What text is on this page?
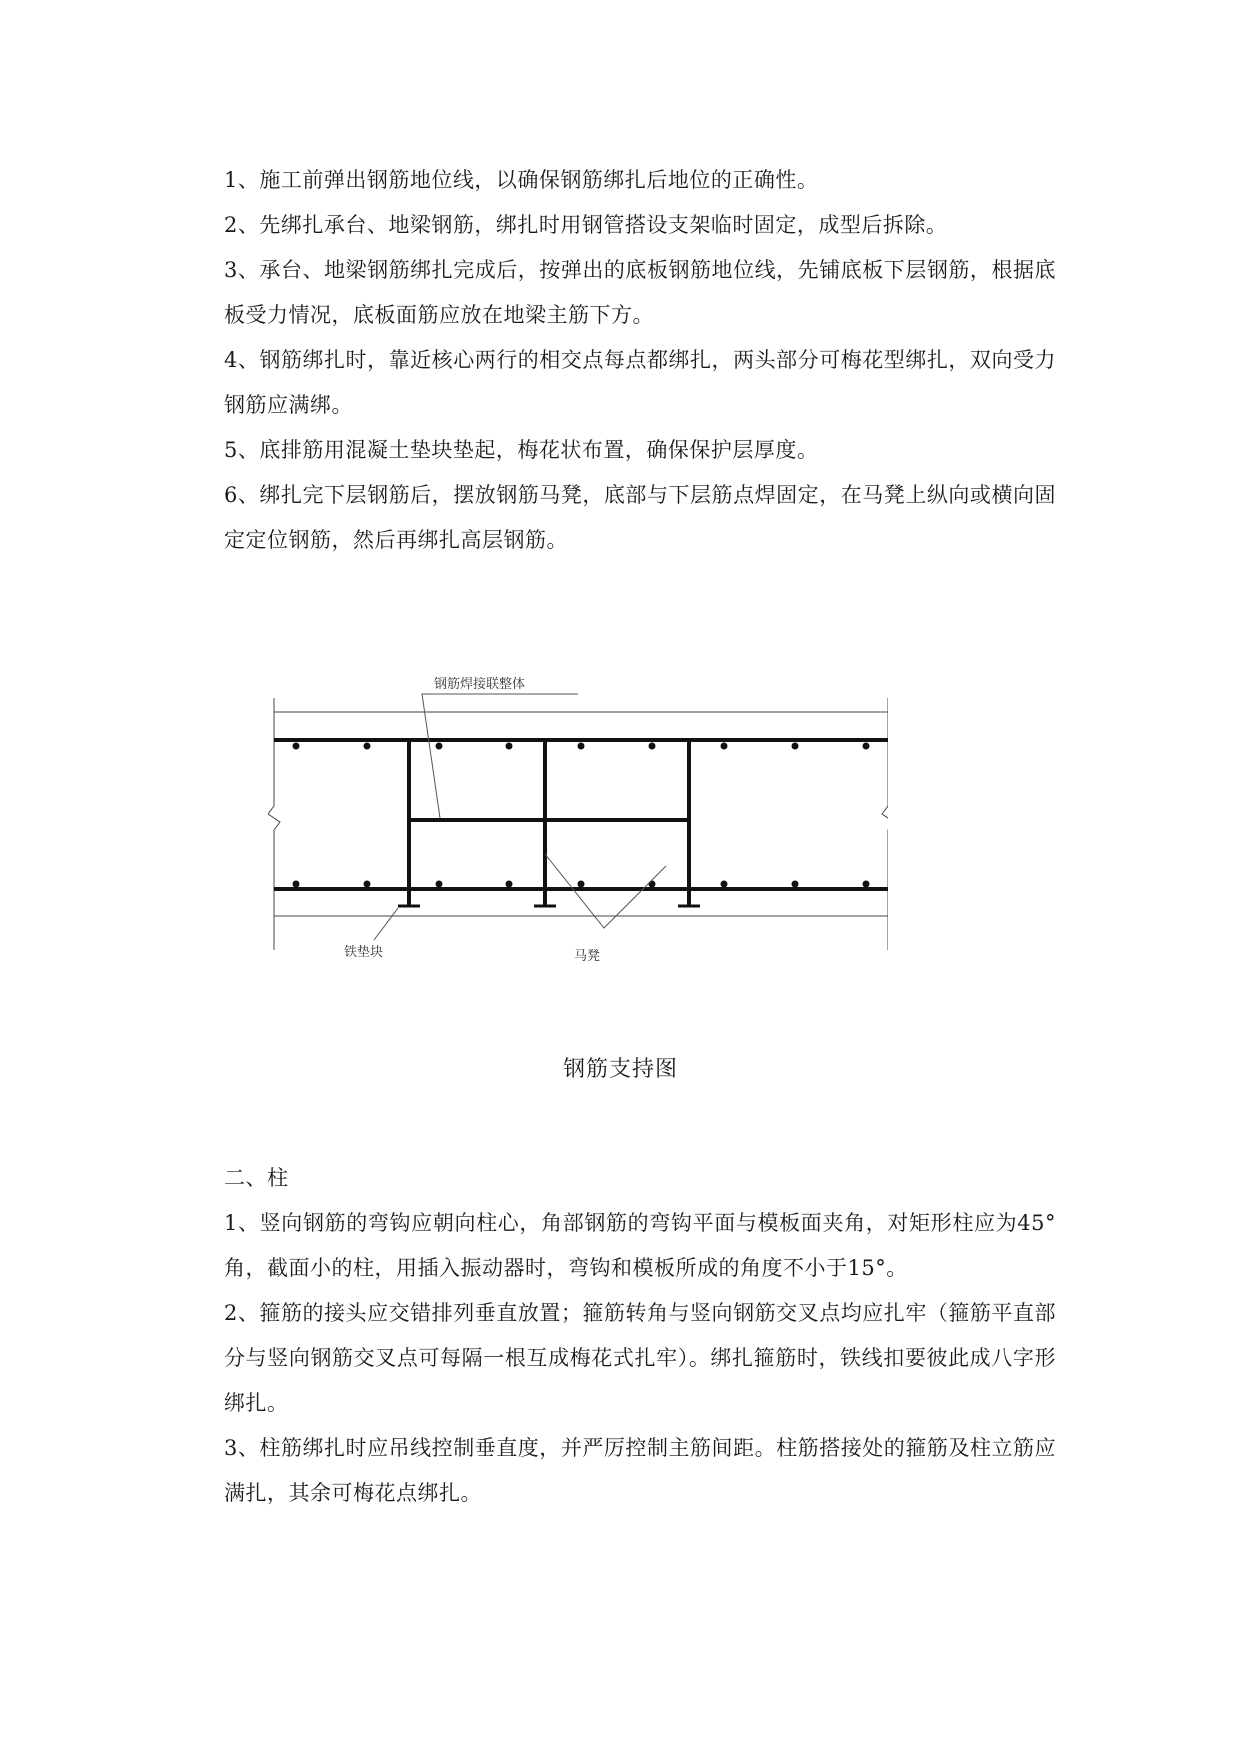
1、施工前弹出钢筋地位线，以确保钢筋绑扎后地位的正确性。
2、先绑扎承台、地梁钢筋，绑扎时用钢管搭设支架临时固定，成型后拆除。
3、承台、地梁钢筋绑扎完成后，按弹出的底板钢筋地位线，先铺底板下层钢筋，根据底板受力情况，底板面筋应放在地梁主筋下方。
4、钢筋绑扎时，靠近核心两行的相交点每点都绑扎，两头部分可梅花型绑扎，双向受力钢筋应满绑。
5、底排筋用混凝土垫块垫起，梅花状布置，确保保护层厚度。
6、绑扎完下层钢筋后，摆放钢筋马凳，底部与下层筋点焊固定，在马凳上纵向或横向固定定位钢筋，然后再绑扎高层钢筋。
钢筋焊接联整体
铁垫块	马凳
钢筋支持图
二、柱
1、竖向钢筋的弯钩应朝向柱心，角部钢筋的弯钩平面与模板面夹角，对矩形柱应为45°角，截面小的柱，用插入振动器时，弯钩和模板所成的角度不小于15°。
2、箍筋的接头应交错排列垂直放置；箍筋转角与竖向钢筋交叉点均应扎牢（箍筋平直部分与竖向钢筋交叉点可每隔一根互成梅花式扎牢）。绑扎箍筋时，铁线扣要彼此成八字形绑扎。
3、柱筋绑扎时应吊线控制垂直度，并严厉控制主筋间距。柱筋搭接处的箍筋及柱立筋应满扎，其余可梅花点绑扎。
